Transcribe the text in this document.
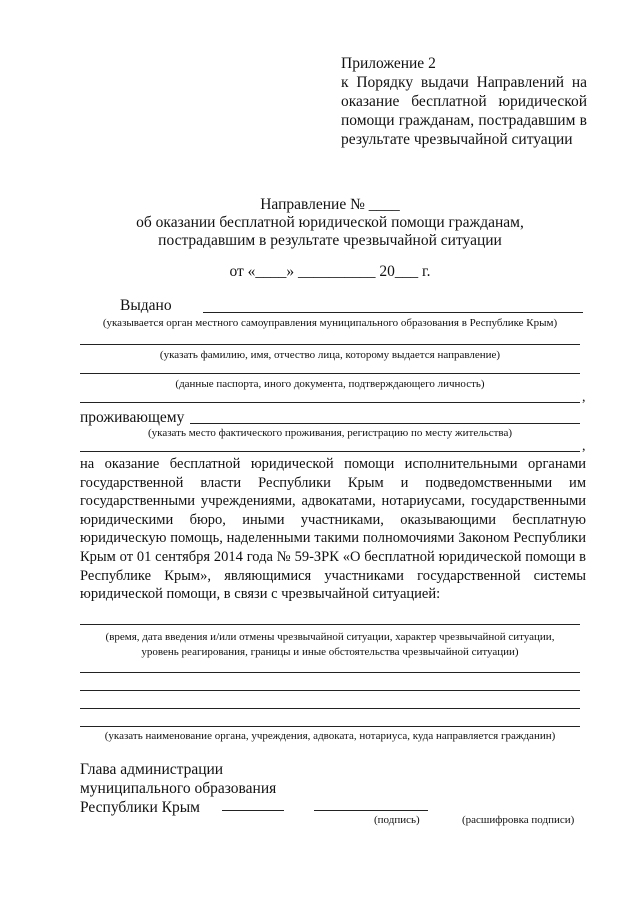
Приложение 2
к Порядку выдачи Направлений на оказание бесплатной юридической помощи гражданам, пострадавшим в результате чрезвычайной ситуации
Направление № ____
об оказании бесплатной юридической помощи гражданам,
пострадавшим в результате чрезвычайной ситуации
от «____» __________ 20___ г.
Выдано
(указывается орган местного самоуправления муниципального образования в Республике Крым)
(указать фамилию, имя, отчество лица, которому выдается направление)
(данные паспорта, иного документа, подтверждающего личность)
,
проживающему
(указать место фактического проживания, регистрацию по месту жительства)
,
на оказание бесплатной юридической помощи исполнительными органами государственной власти Республики Крым и подведомственными им государственными учреждениями, адвокатами, нотариусами, государственными юридическими бюро, иными участниками, оказывающими бесплатную юридическую помощь, наделенными такими полномочиями Законом Республики Крым от 01 сентября 2014 года № 59-ЗРК «О бесплатной юридической помощи в Республике Крым», являющимися участниками государственной системы юридической помощи, в связи с чрезвычайной ситуацией:
(время, дата введения и/или отмены чрезвычайной ситуации, характер чрезвычайной ситуации,
уровень реагирования, границы и иные обстоятельства чрезвычайной ситуации)
(указать наименование органа, учреждения, адвоката, нотариуса, куда направляется гражданин)
Глава администрации
муниципального образования
Республики Крым
(подпись)	(расшифровка подписи)
